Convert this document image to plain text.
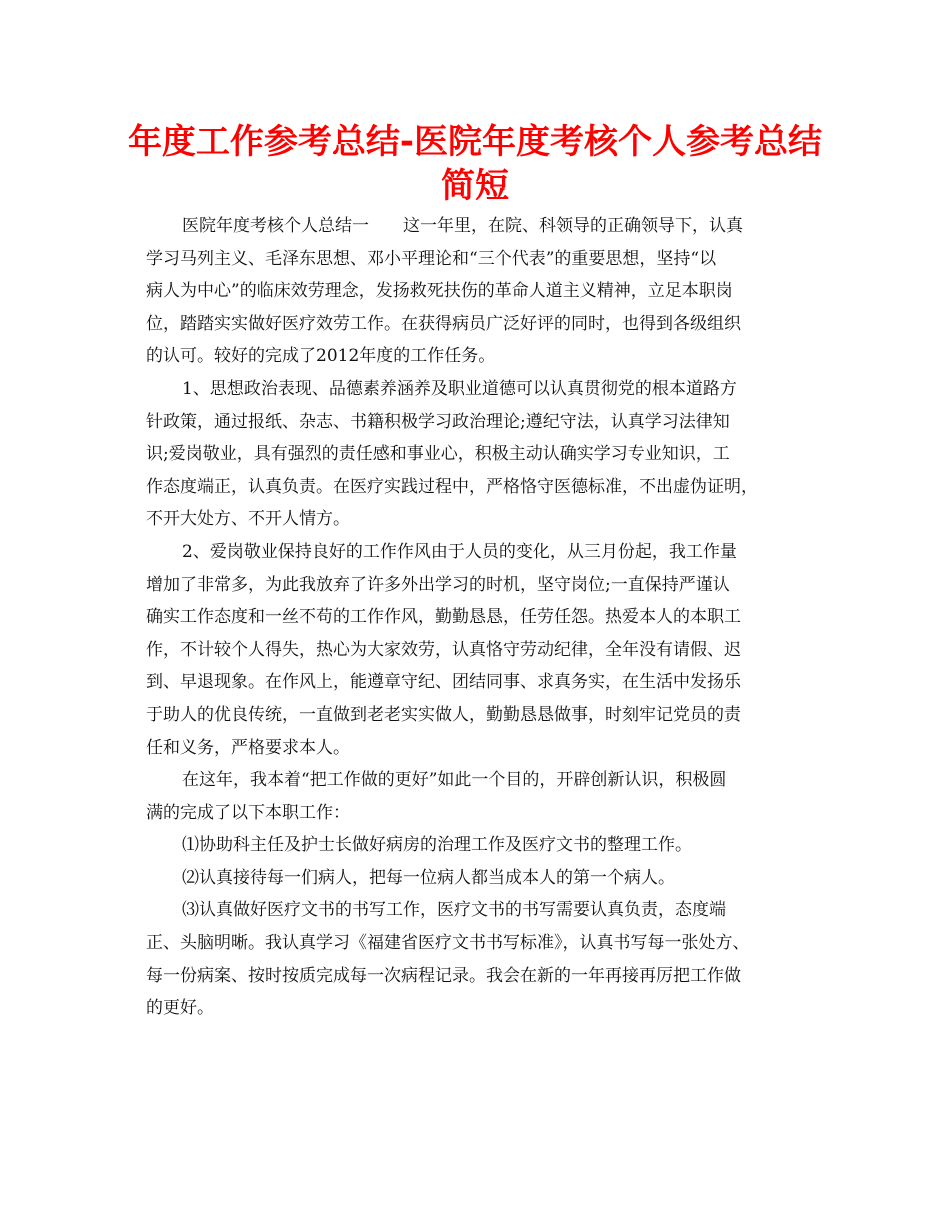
年度工作参考总结-医院年度考核个人参考总结
简短
医院年度考核个人总结一　　这一年里，在院、科领导的正确领导下，认真
学习马列主义、毛泽东思想、邓小平理论和“三个代表”的重要思想，坚持“以
病人为中心”的临床效劳理念，发扬救死扶伤的革命人道主义精神，立足本职岗
位，踏踏实实做好医疗效劳工作。在获得病员广泛好评的同时，也得到各级组织
的认可。较好的完成了2012年度的工作任务。
1、思想政治表现、品德素养涵养及职业道德可以认真贯彻党的根本道路方
针政策，通过报纸、杂志、书籍积极学习政治理论;遵纪守法，认真学习法律知
识;爱岗敬业，具有强烈的责任感和事业心，积极主动认确实学习专业知识，工
作态度端正，认真负责。在医疗实践过程中，严格恪守医德标准，不出虚伪证明，
不开大处方、不开人情方。
2、爱岗敬业保持良好的工作作风由于人员的变化，从三月份起，我工作量
增加了非常多，为此我放弃了许多外出学习的时机，坚守岗位;一直保持严谨认
确实工作态度和一丝不苟的工作作风，勤勤恳恳，任劳任怨。热爱本人的本职工
作，不计较个人得失，热心为大家效劳，认真恪守劳动纪律，全年没有请假、迟
到、早退现象。在作风上，能遵章守纪、团结同事、求真务实，在生活中发扬乐
于助人的优良传统，一直做到老老实实做人，勤勤恳恳做事，时刻牢记党员的责
任和义务，严格要求本人。
在这年，我本着“把工作做的更好”如此一个目的，开辟创新认识，积极圆
满的完成了以下本职工作：
⑴协助科主任及护士长做好病房的治理工作及医疗文书的整理工作。
⑵认真接待每一们病人，把每一位病人都当成本人的第一个病人。
⑶认真做好医疗文书的书写工作，医疗文书的书写需要认真负责，态度端
正、头脑明晰。我认真学习《福建省医疗文书书写标准》，认真书写每一张处方、
每一份病案、按时按质完成每一次病程记录。我会在新的一年再接再厉把工作做
的更好。
